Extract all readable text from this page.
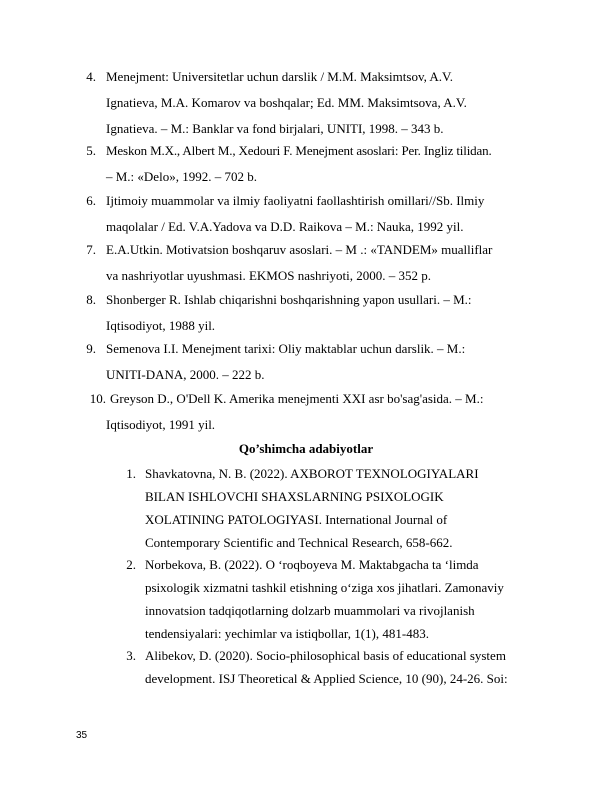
4. Menejment: Universitetlar uchun darslik / M.M. Maksimtsov, A.V.
Ignatieva, M.A. Komarov va boshqalar; Ed. MM. Maksimtsova, A.V.
Ignatieva. – M.: Banklar va fond birjalari, UNITI, 1998. – 343 b.
5. Meskon M.X., Albert M., Xedouri F. Menejment asoslari: Per. Ingliz tilidan.
– M.: «Delo», 1992. – 702 b.
6. Ijtimoiy muammolar va ilmiy faoliyatni faollashtirish omillari//Sb. Ilmiy
maqolalar / Ed. V.A.Yadova va D.D. Raikova – M.: Nauka, 1992 yil.
7. E.A.Utkin. Motivatsion boshqaruv asoslari. – M .: «TANDEM» mualliflar
va nashriyotlar uyushmasi. EKMOS nashriyoti, 2000. – 352 p.
8. Shonberger R. Ishlab chiqarishni boshqarishning yapon usullari. – M.:
Iqtisodiyot, 1988 yil.
9. Semenova I.I. Menejment tarixi: Oliy maktablar uchun darslik. – M.:
UNITI-DANA, 2000. – 222 b.
10. Greyson D., O'Dell K. Amerika menejmenti XXI asr bo'sag'asida. – M.:
Iqtisodiyot, 1991 yil.
Qo’shimcha adabiyotlar
1. Shavkatovna, N. B. (2022). AXBOROT TEXNOLOGIYALARI
BILAN ISHLOVCHI SHAXSLARNING PSIXOLOGIK
XOLATINING PATOLOGIYASI. International Journal of
Contemporary Scientific and Technical Research, 658-662.
2. Norbekova, B. (2022). O ‘roqboyeva M. Maktabgacha ta ‘limda
psixologik xizmatni tashkil etishning o‘ziga xos jihatlari. Zamonaviy
innovatsion tadqiqotlarning dolzarb muammolari va rivojlanish
tendensiyalari: yechimlar va istiqbollar, 1(1), 481-483.
3. Alibekov, D. (2020). Socio-philosophical basis of educational system
development. ISJ Theoretical & Applied Science, 10 (90), 24-26. Soi:
35
